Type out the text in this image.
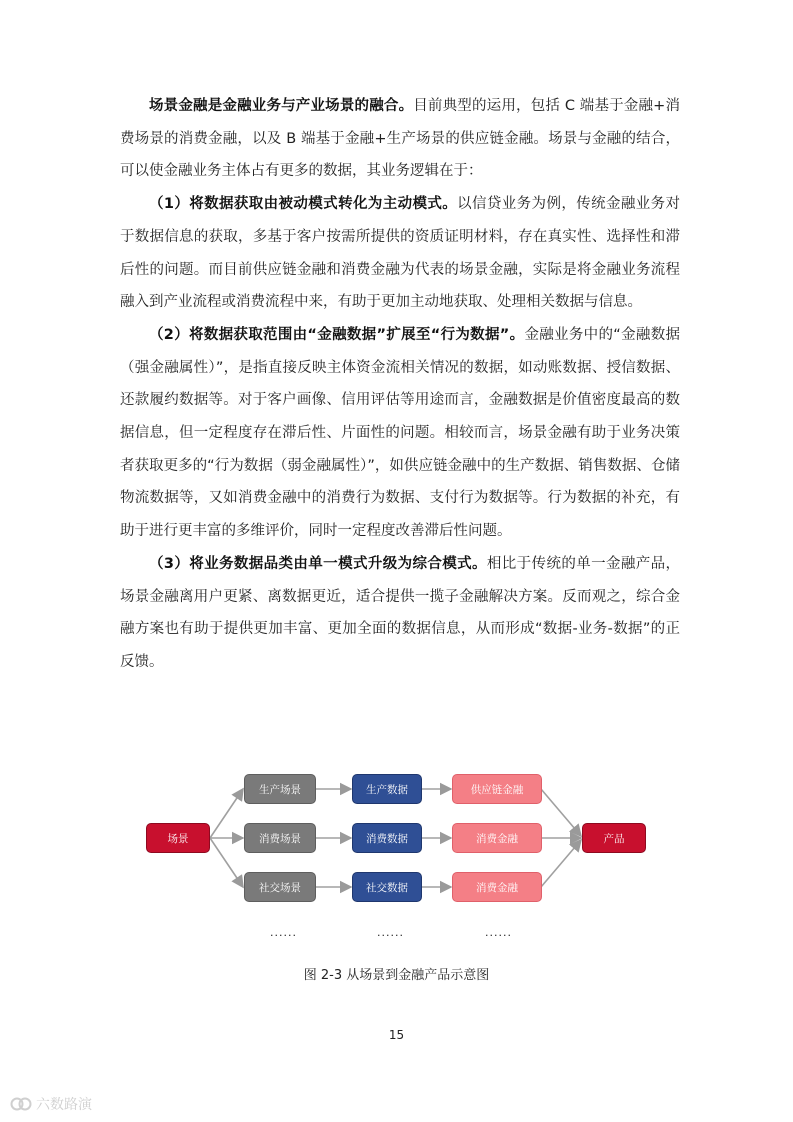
场景金融是金融业务与产业场景的融合。目前典型的运用，包括 C 端基于金融+消费场景的消费金融，以及 B 端基于金融+生产场景的供应链金融。场景与金融的结合，可以使金融业务主体占有更多的数据，其业务逻辑在于：

（1）将数据获取由被动模式转化为主动模式。以信贷业务为例，传统金融业务对于数据信息的获取，多基于客户按需所提供的资质证明材料，存在真实性、选择性和滞后性的问题。而目前供应链金融和消费金融为代表的场景金融，实际是将金融业务流程融入到产业流程或消费流程中来，有助于更加主动地获取、处理相关数据与信息。

（2）将数据获取范围由“金融数据”扩展至“行为数据”。金融业务中的“金融数据（强金融属性）”，是指直接反映主体资金流相关情况的数据，如动账数据、授信数据、还款履约数据等。对于客户画像、信用评估等用途而言，金融数据是价值密度最高的数据信息，但一定程度存在滞后性、片面性的问题。相较而言，场景金融有助于业务决策者获取更多的“行为数据（弱金融属性）”，如供应链金融中的生产数据、销售数据、仓储物流数据等，又如消费金融中的消费行为数据、支付行为数据等。行为数据的补充，有助于进行更丰富的多维评价，同时一定程度改善滞后性问题。

（3）将业务数据品类由单一模式升级为综合模式。相比于传统的单一金融产品，场景金融离用户更紧、离数据更近，适合提供一揽子金融解决方案。反而观之，综合金融方案也有助于提供更加丰富、更加全面的数据信息，从而形成“数据-业务-数据”的正反馈。

场景
生产场景
消费场景
社交场景
生产数据
消费数据
社交数据
供应链金融
消费金融
消费金融
产品
......	......	......
图 2-3 从场景到金融产品示意图
15
六数路演
